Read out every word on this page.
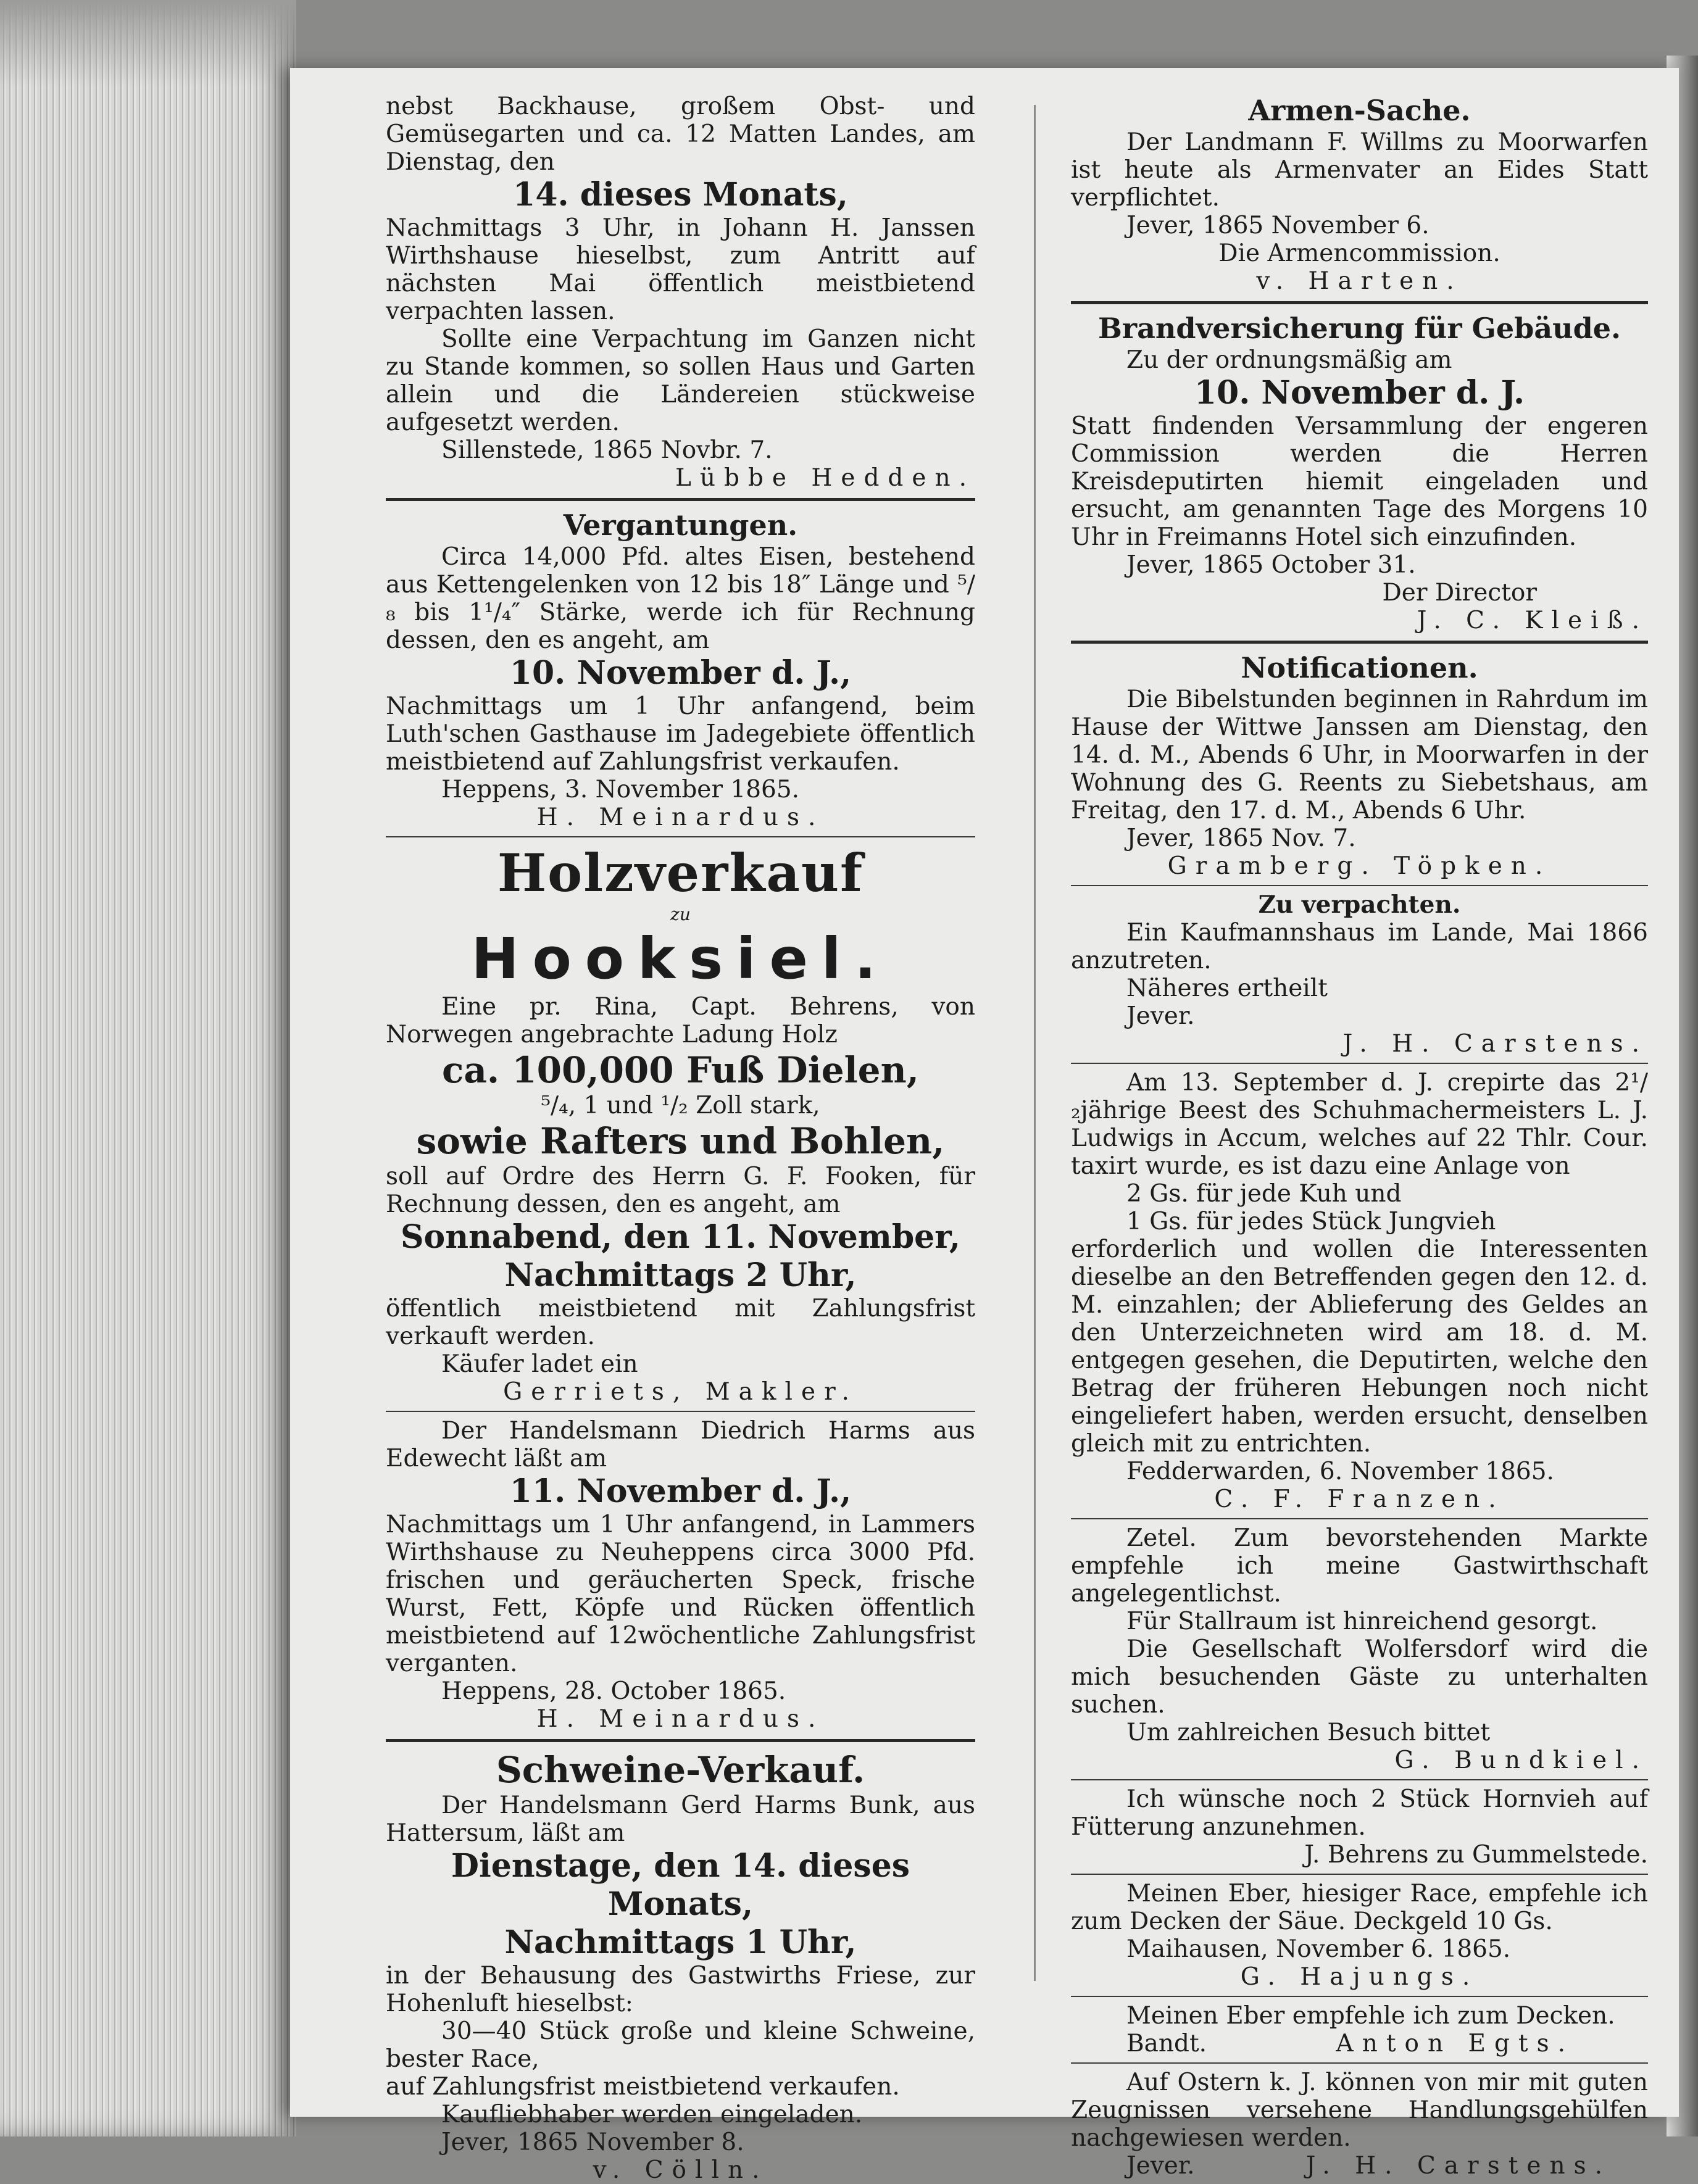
nebst Backhause, großem Obst- und Gemüsegarten und ca. 12 Matten Landes, am Dienstag, den

14. dieses Monats,

Nachmittags 3 Uhr, in Johann H. Janssen Wirthshause hieselbst, zum Antritt auf nächsten Mai öffentlich meistbietend verpachten lassen.

Sollte eine Verpachtung im Ganzen nicht zu Stande kommen, so sollen Haus und Garten allein und die Ländereien stückweise aufgesetzt werden.

Sillenstede, 1865 Novbr. 7.

Lübbe Hedden.

Vergantungen.

Circa 14,000 Pfd. altes Eisen, bestehend aus Kettengelenken von 12 bis 18″ Länge und ⁵/₈ bis 1¹/₄″ Stärke, werde ich für Rechnung dessen, den es angeht, am

10. November d. J.,

Nachmittags um 1 Uhr anfangend, beim Luth'schen Gasthause im Jadegebiete öffentlich meistbietend auf Zahlungsfrist verkaufen.

Heppens, 3. November 1865.

H. Meinardus.

Holzverkauf
zu
Hooksiel.

Eine pr. Rina, Capt. Behrens, von Norwegen angebrachte Ladung Holz

ca. 100,000 Fuß Dielen,

⁵/₄, 1 und ¹/₂ Zoll stark,

sowie Rafters und Bohlen,

soll auf Ordre des Herrn G. F. Fooken, für Rechnung dessen, den es angeht, am

Sonnabend, den 11. November,
Nachmittags 2 Uhr,

öffentlich meistbietend mit Zahlungsfrist verkauft werden.

Käufer ladet ein

Gerriets, Makler.

Der Handelsmann Diedrich Harms aus Edewecht läßt am

11. November d. J.,

Nachmittags um 1 Uhr anfangend, in Lammers Wirthshause zu Neuheppens circa 3000 Pfd. frischen und geräucherten Speck, frische Wurst, Fett, Köpfe und Rücken öffentlich meistbietend auf 12wöchentliche Zahlungsfrist verganten.

Heppens, 28. October 1865.

H. Meinardus.

Schweine-Verkauf.

Der Handelsmann Gerd Harms Bunk, aus Hattersum, läßt am

Dienstage, den 14. dieses Monats,
Nachmittags 1 Uhr,

in der Behausung des Gastwirths Friese, zur Hohenluft hieselbst:

30—40 Stück große und kleine Schweine, bester Race,

auf Zahlungsfrist meistbietend verkaufen.

Kaufliebhaber werden eingeladen.

Jever, 1865 November 8.

v. Cölln.

Armen-Sache.

Der Landmann F. Willms zu Moorwarfen ist heute als Armenvater an Eides Statt verpflichtet.

Jever, 1865 November 6.

Die Armencommission.

v. Harten.

Brandversicherung für Gebäude.

Zu der ordnungsmäßig am

10. November d. J.

Statt findenden Versammlung der engeren Commission werden die Herren Kreisdeputirten hiemit eingeladen und ersucht, am genannten Tage des Morgens 10 Uhr in Freimanns Hotel sich einzufinden.

Jever, 1865 October 31.

Der Director

J. C. Kleiß.

Notificationen.

Die Bibelstunden beginnen in Rahrdum im Hause der Wittwe Janssen am Dienstag, den 14. d. M., Abends 6 Uhr, in Moorwarfen in der Wohnung des G. Reents zu Siebetshaus, am Freitag, den 17. d. M., Abends 6 Uhr.

Jever, 1865 Nov. 7.

Gramberg. Töpken.

Zu verpachten.

Ein Kaufmannshaus im Lande, Mai 1866 anzutreten.

Näheres ertheilt

Jever.

J. H. Carstens.

Am 13. September d. J. crepirte das 2¹/₂jährige Beest des Schuhmachermeisters L. J. Ludwigs in Accum, welches auf 22 Thlr. Cour. taxirt wurde, es ist dazu eine Anlage von

2 Gs. für jede Kuh und

1 Gs. für jedes Stück Jungvieh

erforderlich und wollen die Interessenten dieselbe an den Betreffenden gegen den 12. d. M. einzahlen; der Ablieferung des Geldes an den Unterzeichneten wird am 18. d. M. entgegen gesehen, die Deputirten, welche den Betrag der früheren Hebungen noch nicht eingeliefert haben, werden ersucht, denselben gleich mit zu entrichten.

Fedderwarden, 6. November 1865.

C. F. Franzen.

Zetel. Zum bevorstehenden Markte empfehle ich meine Gastwirthschaft angelegentlichst.

Für Stallraum ist hinreichend gesorgt.

Die Gesellschaft Wolfersdorf wird die mich besuchenden Gäste zu unterhalten suchen.

Um zahlreichen Besuch bittet

G. Bundkiel.

Ich wünsche noch 2 Stück Hornvieh auf Fütterung anzunehmen.

J. Behrens zu Gummelstede.

Meinen Eber, hiesiger Race, empfehle ich zum Decken der Säue. Deckgeld 10 Gs.

Maihausen, November 6. 1865.

G. Hajungs.

Meinen Eber empfehle ich zum Decken.

Bandt.	Anton Egts.

Auf Ostern k. J. können von mir mit guten Zeugnissen versehene Handlungsgehülfen nachgewiesen werden.

Jever.	J. H. Carstens.
